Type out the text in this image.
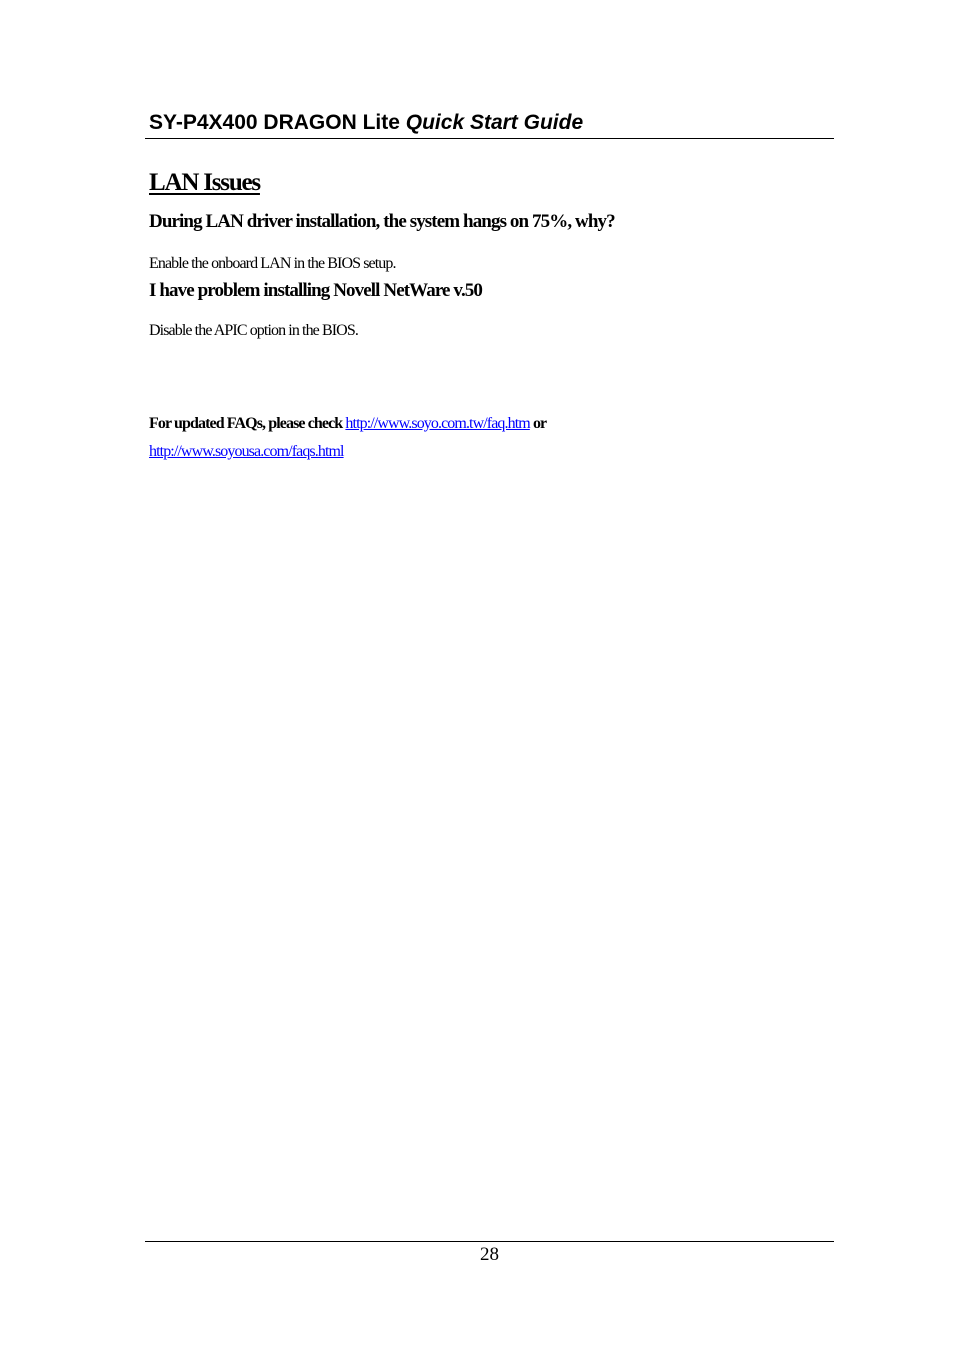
SY-P4X400 DRAGON Lite Quick Start Guide
LAN Issues
During LAN driver installation, the system hangs on 75%, why?
Enable the onboard LAN in the BIOS setup.
I have problem installing Novell NetWare v.50
Disable the APIC option in the BIOS.
For updated FAQs, please check http://www.soyo.com.tw/faq.htm or
http://www.soyousa.com/faqs.html
28
